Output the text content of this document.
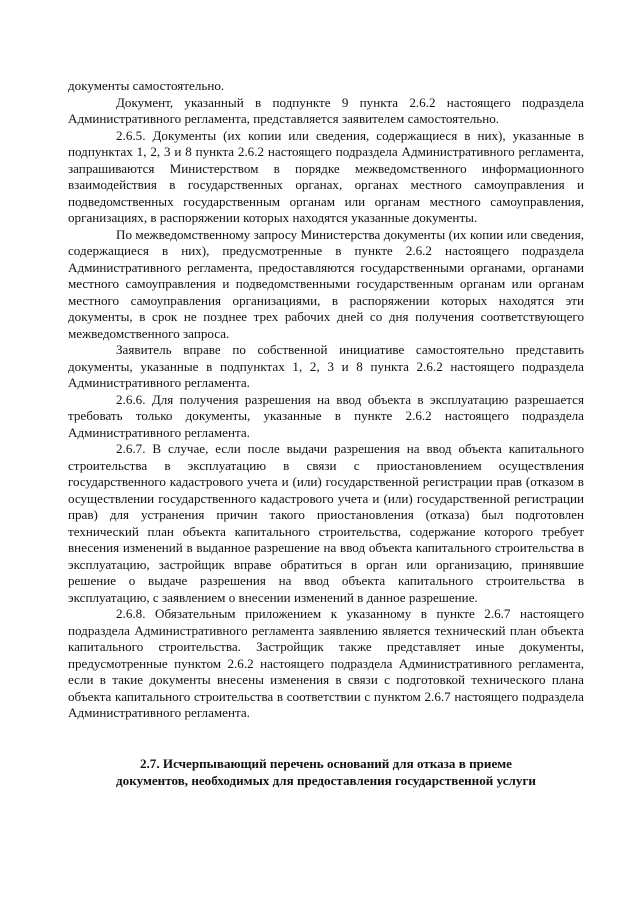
документы самостоятельно.

Документ, указанный в подпункте 9 пункта 2.6.2 настоящего подраздела Административного регламента, представляется заявителем самостоятельно.

2.6.5. Документы (их копии или сведения, содержащиеся в них), указанные в подпунктах 1, 2, 3 и 8 пункта 2.6.2 настоящего подраздела Административного регламента, запрашиваются Министерством в порядке межведомственного информационного взаимодействия в государственных органах, органах местного самоуправления и подведомственных государственным органам или органам местного самоуправления, организациях, в распоряжении которых находятся указанные документы.

По межведомственному запросу Министерства документы (их копии или сведения, содержащиеся в них), предусмотренные в пункте 2.6.2 настоящего подраздела Административного регламента, предоставляются государственными органами, органами местного самоуправления и подведомственными государственным органам или органам местного самоуправления организациями, в распоряжении которых находятся эти документы, в срок не позднее трех рабочих дней со дня получения соответствующего межведомственного запроса.

Заявитель вправе по собственной инициативе самостоятельно представить документы, указанные в подпунктах 1, 2, 3 и 8 пункта 2.6.2 настоящего подраздела Административного регламента.

2.6.6. Для получения разрешения на ввод объекта в эксплуатацию разрешается требовать только документы, указанные в пункте 2.6.2 настоящего подраздела Административного регламента.

2.6.7. В случае, если после выдачи разрешения на ввод объекта капитального строительства в эксплуатацию в связи с приостановлением осуществления государственного кадастрового учета и (или) государственной регистрации прав (отказом в осуществлении государственного кадастрового учета и (или) государственной регистрации прав) для устранения причин такого приостановления (отказа) был подготовлен технический план объекта капитального строительства, содержание которого требует внесения изменений в выданное разрешение на ввод объекта капитального строительства в эксплуатацию, застройщик вправе обратиться в орган или организацию, принявшие решение о выдаче разрешения на ввод объекта капитального строительства в эксплуатацию, с заявлением о внесении изменений в данное разрешение.

2.6.8. Обязательным приложением к указанному в пункте 2.6.7 настоящего подраздела Административного регламента заявлению является технический план объекта капитального строительства. Застройщик также представляет иные документы, предусмотренные пунктом 2.6.2 настоящего подраздела Административного регламента, если в такие документы внесены изменения в связи с подготовкой технического плана объекта капитального строительства в соответствии с пунктом 2.6.7 настоящего подраздела Административного регламента.

2.7. Исчерпывающий перечень оснований для отказа в приеме
документов, необходимых для предоставления государственной услуги
